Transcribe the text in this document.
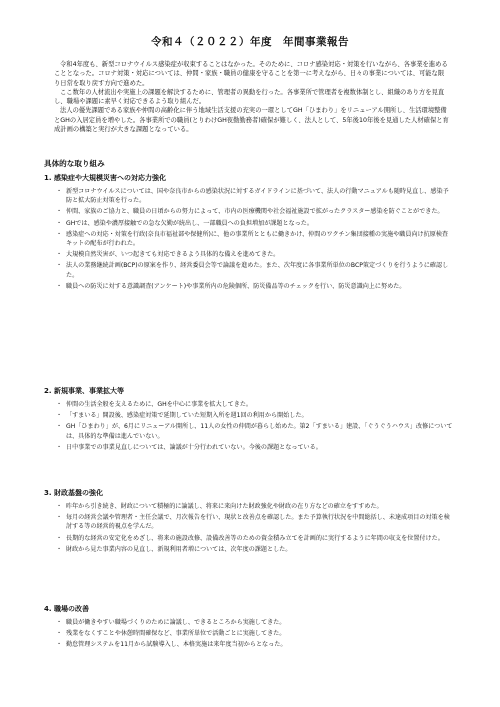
令和４（２０２２）年度　年間事業報告

令和4年度も、新型コロナウイルス感染症が収束することはなかった。そのために、コロナ感染対応・対策を行いながら、各事業を進めることとなった。コロナ対策・対応については、仲間・家族・職員の健康を守ることを第一に考えながら、日々の事業については、可能な限り日常を取り戻す方向で進めた。

ここ数年の人材流出や実施上の課題を解決するために、管理者の異動を行った。各事業所で管理者を複数体制とし、組織のあり方を見直し、職場や課題に素早く対応できるよう取り組んだ。

法人の優先課題である家族や仲間の高齢化に伴う地域生活支援の充実の一環としてGH「ひまわり」をリニューアル開所し、生活環境整備とGHの入居定員を増やした。各事業所での職員(とりわけGH夜勤勤務者)確保が難しく、法人として、5年後10年後を見通した人材確保と育成計画の構築と実行が大きな課題となっている。

具体的な取り組み
1. 感染症や大規模災害への対応力強化
・ 新型コロナウイルスについては、国や奈良市からの感染状況に対するガイドラインに基づいて、法人の行動マニュアルも随時見直し、感染予防と拡大防止対策を行った。
・ 仲間、家族のご協力と、職員の日頃からの努力によって、市内の医療機関や社会福祉施設で拡がったクラスター感染を防ぐことができた。
・ GHでは、感染や濃厚接触での急な欠勤が続出し、一部職員への負担増加が課題となった。
・ 感染症への対応・対策を行政(奈良市福祉部や保健所)に、他の事業所とともに働きかけ、仲間のワクチン集団接種の実施や職員向け抗原検査キットの配布が行われた。
・ 大規模自然災害が、いつ起きても対応できるよう具体的な備えを進めてきた。
・ 法人の業務継続計画(BCP)の原案を作り、経営委員会等で論議を進めた。また、次年度に各事業所単位のBCP策定づくりを行うように確認した。
・ 職員への防災に対する意識調査(アンケート)や事業所内の危険個所、防災備品等のチェックを行い、防災意識向上に努めた。
2. 新規事業、事業拡大等
・ 仲間の生活全般を支えるために、GHを中心に事業を拡大してきた。
・ 「すまいる」開設後、感染症対策で延期していた短期入所を週1回の利用から開始した。
・ GH「ひまわり」が、6月にリニューアル開所し、11人の女性の仲間が暮らし始めた。第2「すまいる」建設、「ぐうぐうハウス」改修については、具体的な準備は進んでいない。
・ 日中事業での事業見直しについては、論議が十分行われていない。今後の課題となっている。
3. 財政基盤の強化
・ 昨年から引き続き、財政について積極的に論議し、将来に来向けた財政強化や財政の在り方などの確立をすすめた。
・ 毎月の経営会議や管理者・主任会議で、月次報告を行い、現状と改善点を確認した。また予算執行状況を中間総括し、未達成項目の対策を検討する等の経営的視点を学んだ。
・ 長期的な経営の安定化をめざし、将来の施設改修、設備改善等のための資金積み立てを計画的に実行するように年間の収支を位置付けた。
・ 財政から見た事業内容の見直し、新規利用者増については、次年度の課題とした。
4. 職場の改善
・ 職員が働きやすい職場づくりのために論議し、できるところから実施してきた。
・ 残業をなくすことや休憩時間確保など、事業所単位で活動ごとに実施してきた。
・ 勤怠管理システムを11月から試験導入し、本格実施は来年度当初からとなった。
